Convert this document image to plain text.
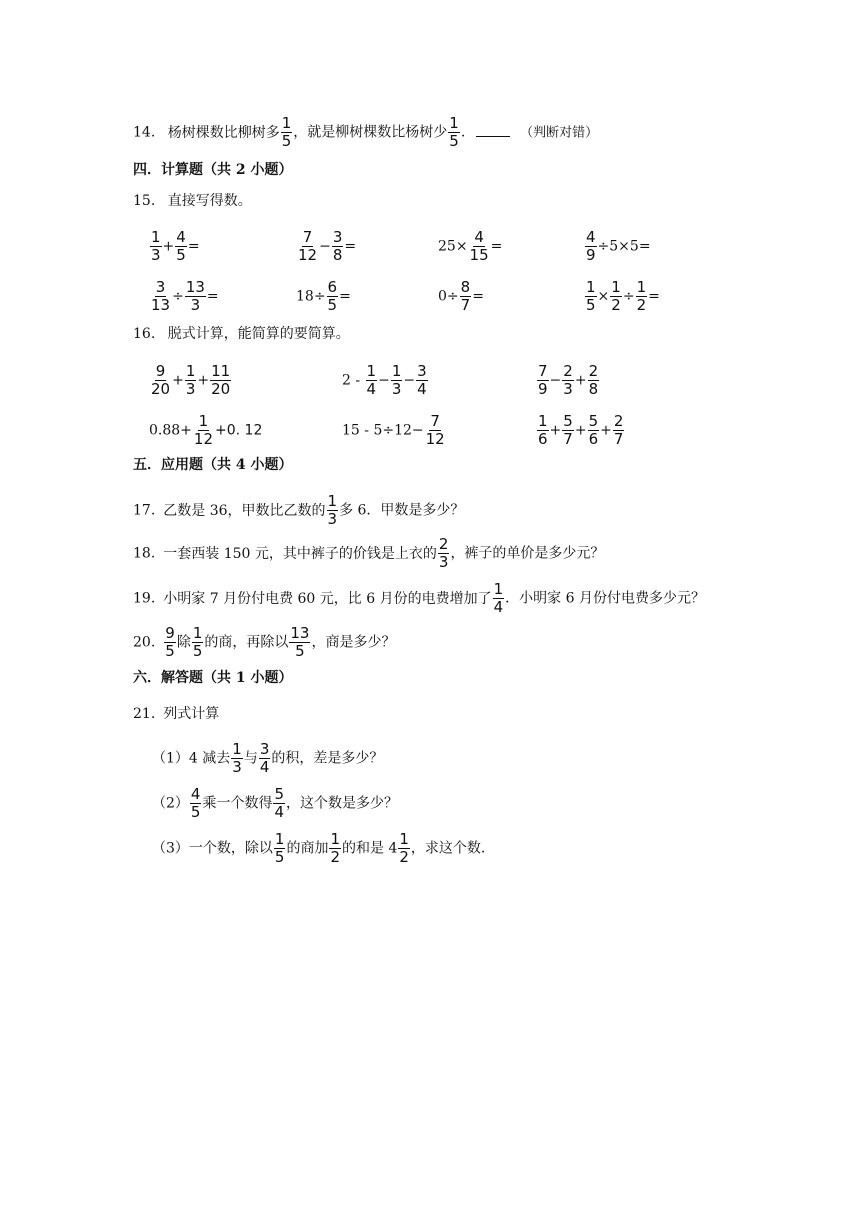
14. 杨树棵数比柳树多 $\frac{1}{5}$ ，就是柳树棵数比杨树少 $\frac{1}{5}$ .	（判断对错）
四．计算题（共 2 小题）
15. 直接写得数。
$\frac{1}{3} + \frac{4}{5}$ =	$\frac{7}{12} - \frac{3}{8}$ =	$25\times \frac{4}{15}$ =	$\frac{4}{9} \div 5\times 5=$
$\frac{3}{13} \div \frac{13}{3}$ =	$18\div \frac{6}{5}$ =	$0\div \frac{8}{7}$ =	$\frac{1}{5} \times \frac{1}{2} \div \frac{1}{2}$ =
16. 脱式计算，能简算的要简算。
$\frac{9}{20} + \frac{1}{3} + \frac{11}{20}$	$2 - \frac{1}{4} - \frac{1}{3} - \frac{3}{4}$	$\frac{7}{9} - \frac{2}{3} + \frac{2}{8}$
$0.88+ \frac{1}{12} +0$. 12	$15 - 5\div 12- \frac{7}{12}$	$\frac{1}{6} + \frac{5}{7} + \frac{5}{6} + \frac{2}{7}$
五．应用题（共 4 小题）
17. 乙数是 36，甲数比乙数的 $\frac{1}{3}$ 多 6．甲数是多少？
18. 一套西装 150 元，其中裤子的价钱是上衣的 $\frac{2}{3}$ ，裤子的单价是多少元？
19. 小明家 7 月份付电费 60 元，比 6 月份的电费增加了 $\frac{1}{4}$ ．小明家 6 月份付电费多少元？
20. $\frac{9}{5}$ 除 $\frac{1}{5}$ 的商，再除以 $\frac{13}{5}$ ，商是多少？
六．解答题（共 1 小题）
21. 列式计算
（1）4 减去 $\frac{1}{3}$ 与 $\frac{3}{4}$ 的积，差是多少？
$(2) \frac{4}{5}$ 乘一个数得 $\frac{5}{4}$ ，这个数是多少？
（3）一个数，除以 $\frac{1}{5}$ 的商加 $\frac{1}{2}$ 的和是 $4 \frac{1}{2}$ ，求这个数.
